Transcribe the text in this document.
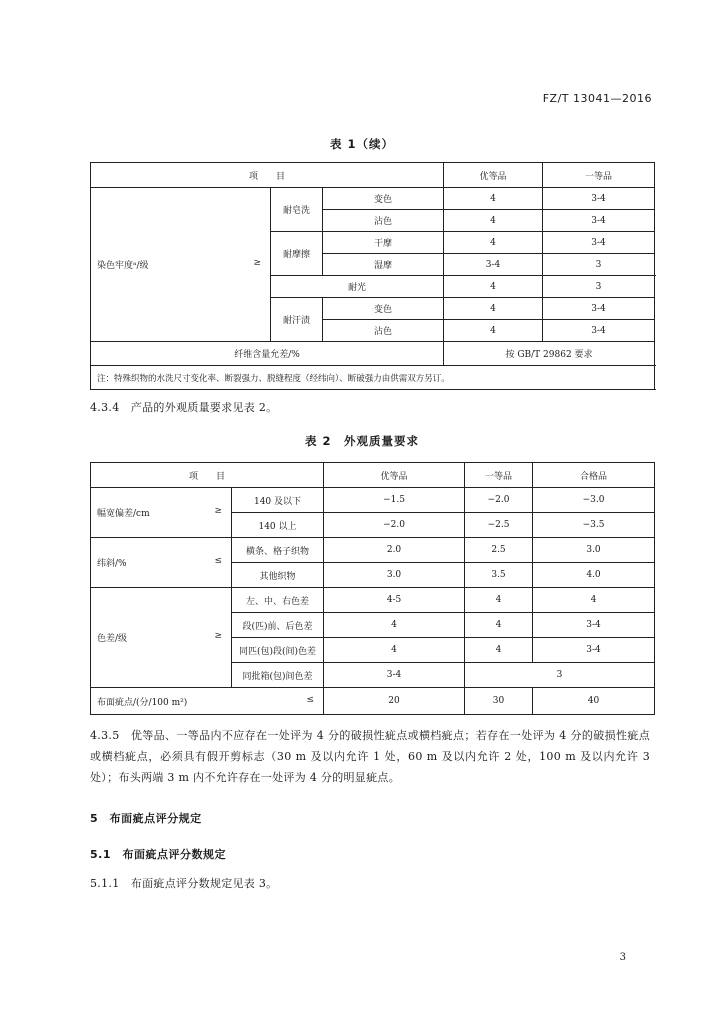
FZ/T 13041—2016
表 1（续）
项　　目			优等品	一等品	

染色牢度ᵃ/级 ≥	耐皂洗	变色	4	3-4	
		沾色	4	3-4	
	耐摩擦	干摩	4	3-4	
		湿摩	3-4	3	
	耐光		4	3	
	耐汗渍	变色	4	3-4	
		沾色	4	3-4	
纤维含量允差/%			按 GB/T 29862 要求		
注：特殊织物的水洗尺寸变化率、断裂强力、脱缝程度（经纬向）、断破强力由供需双方另订。					
4.3.4　产品的外观质量要求见表 2。
表 2　外观质量要求
项　　目		优等品	一等品	合格品

幅宽偏差/cm ≥	140 及以下	−1.5	−2.0	−3.0
	140 以上	−2.0	−2.5	−3.5

纬斜/% ≤	横条、格子织物	2.0	2.5	3.0
	其他织物	3.0	3.5	4.0

色差/级 ≥	左、中、右色差	4-5	4	4
	段(匹)前、后色差	4	4	3-4
	同匹(包)段(间)色差	4	4	3-4
	同批箱(包)间色差	3-4	3	

布面疵点/(分/100 m²) ≤		20	30	40
4.3.5　优等品、一等品内不应存在一处评为 4 分的破损性疵点或横档疵点；若存在一处评为 4 分的破损性疵点或横档疵点，必须具有假开剪标志（30 m 及以内允许 1 处，60 m 及以内允许 2 处，100 m 及以内允许 3 处）；布头两端 3 m 内不允许存在一处评为 4 分的明显疵点。
5　布面疵点评分规定
5.1　布面疵点评分数规定
5.1.1　布面疵点评分数规定见表 3。
3
